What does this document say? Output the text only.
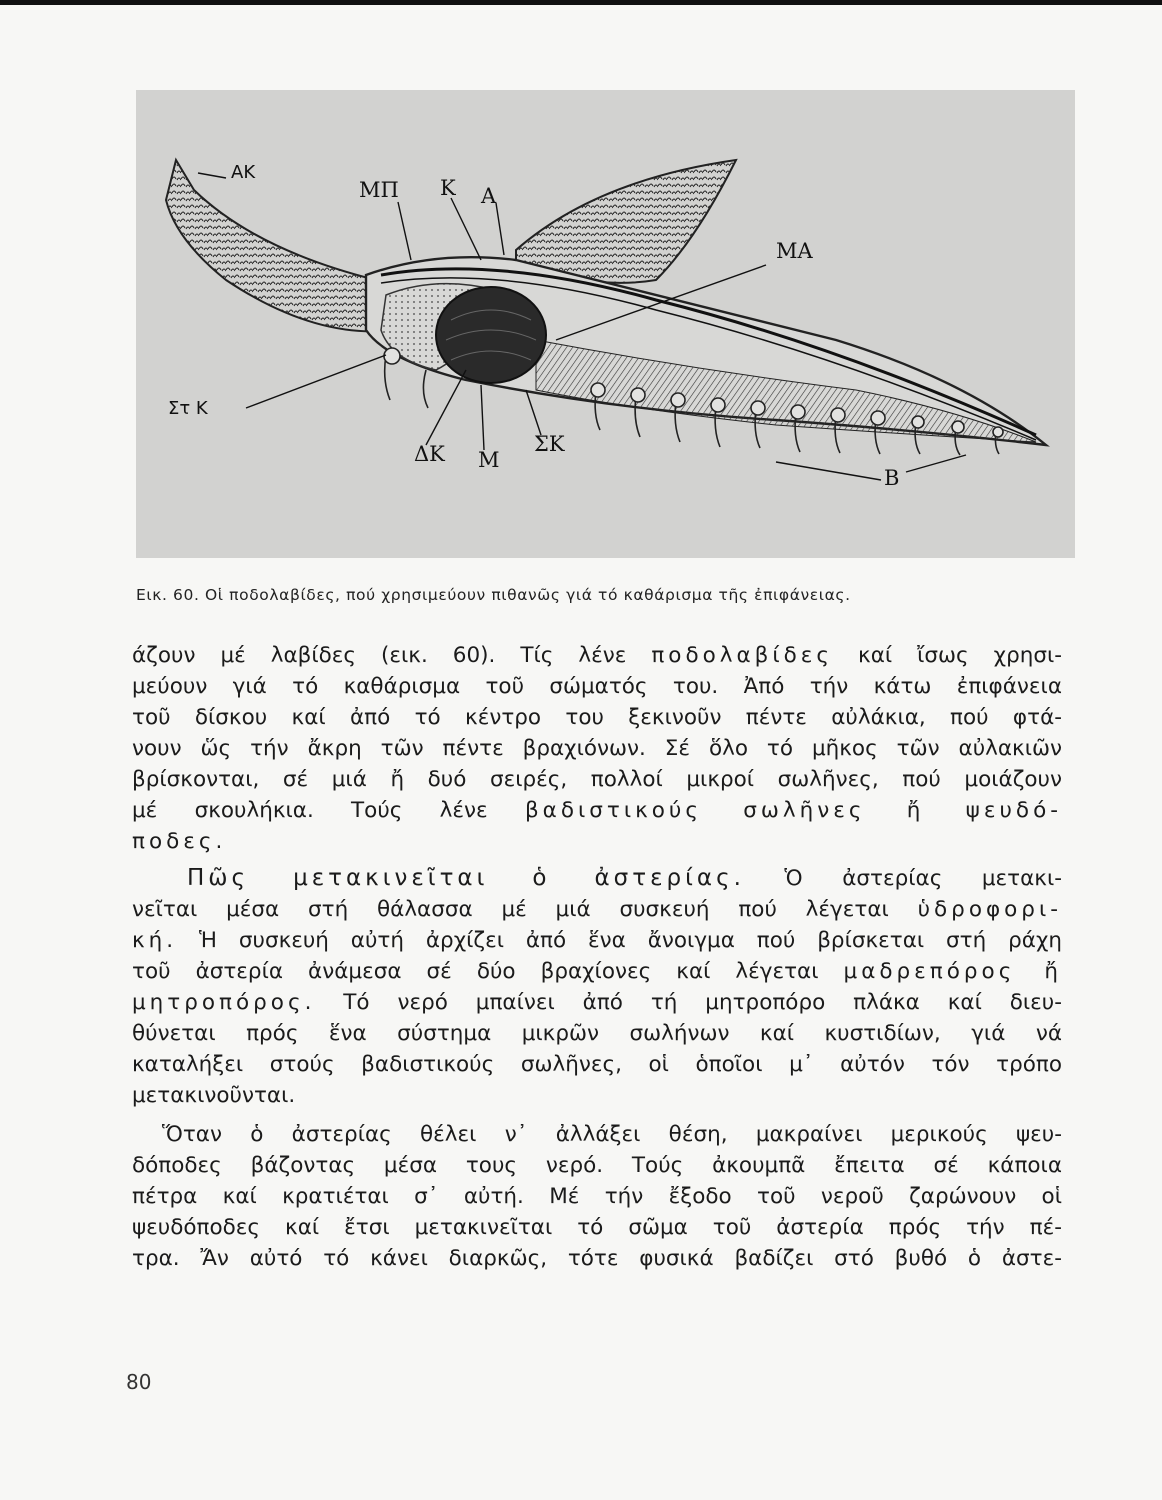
ΑΚ
ΜΠ Κ Α
ΜΑ
Στ Κ
ΔΚ Μ
ΣΚ
Β
Εικ. 60. Οἱ ποδολαβίδες, πού χρησιμεύουν πιθανῶς γιά τό καθάρισμα τῆς ἐπιφάνειας.
άζουν μέ λαβίδες (εικ. 60). Τίς λένε ποδολαβίδες καί ἴσως χρησι-
μεύουν γιά τό καθάρισμα τοῦ σώματός του. Ἀπό τήν κάτω ἐπιφάνεια
τοῦ δίσκου καί ἀπό τό κέντρο του ξεκινοῦν πέντε αὐλάκια, πού φτά-
νουν ὥς τήν ἄκρη τῶν πέντε βραχιόνων. Σέ ὅλο τό μῆκος τῶν αὐλακιῶν
βρίσκονται, σέ μιά ἤ δυό σειρές, πολλοί μικροί σωλῆνες, πού μοιάζουν
μέ σκουλήκια. Τούς λένε βαδιστικούς σωλῆνες ἤ ψευδό-
ποδες.
Πῶς μετακινεῖται ὁ ἀστερίας. Ὁ ἀστερίας μετακι-
νεῖται μέσα στή θάλασσα μέ μιά συσκευή πού λέγεται ὑδροφορι-
κή. Ἡ συσκευή αὐτή ἀρχίζει ἀπό ἕνα ἄνοιγμα πού βρίσκεται στή ράχη
τοῦ ἀστερία ἀνάμεσα σέ δύο βραχίονες καί λέγεται μαδρεπόρος ἤ
μητροπόρος. Τό νερό μπαίνει ἀπό τή μητροπόρο πλάκα καί διευ-
θύνεται πρός ἕνα σύστημα μικρῶν σωλήνων καί κυστιδίων, γιά νά
καταλήξει στούς βαδιστικούς σωλῆνες, οἱ ὁποῖοι μ᾽ αὐτόν τόν τρόπο
μετακινοῦνται.
Ὅταν ὁ ἀστερίας θέλει ν᾽ ἀλλάξει θέση, μακραίνει μερικούς ψευ-
δόποδες βάζοντας μέσα τους νερό. Τούς ἀκουμπᾶ ἔπειτα σέ κάποια
πέτρα καί κρατιέται σ᾽ αὐτή. Μέ τήν ἔξοδο τοῦ νεροῦ ζαρώνουν οἱ
ψευδόποδες καί ἔτσι μετακινεῖται τό σῶμα τοῦ ἀστερία πρός τήν πέ-
τρα. Ἄν αὐτό τό κάνει διαρκῶς, τότε φυσικά βαδίζει στό βυθό ὁ ἀστε-
80
